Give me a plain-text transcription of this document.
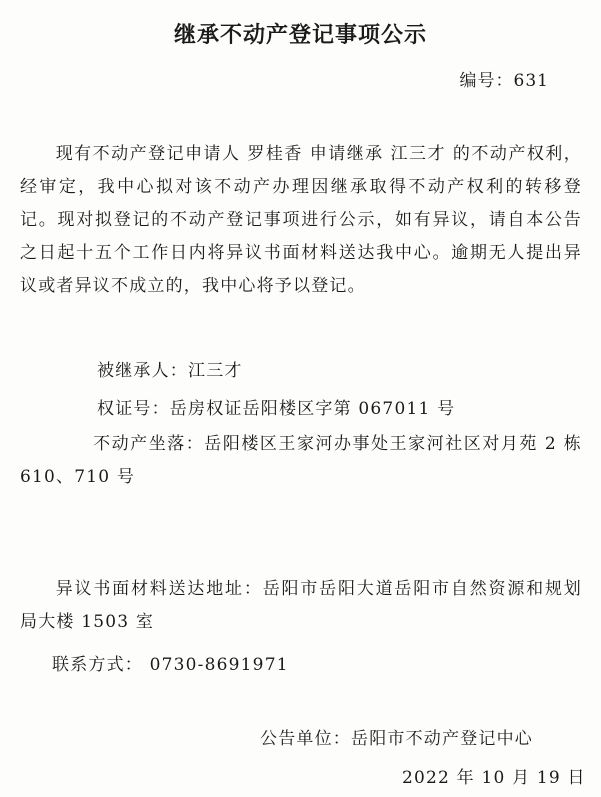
继承不动产登记事项公示
编号：631
现有不动产登记申请人 罗桂香 申请继承 江三才 的不动产权利，经审定，我中心拟对该不动产办理因继承取得不动产权利的转移登记。现对拟登记的不动产登记事项进行公示，如有异议，请自本公告之日起十五个工作日内将异议书面材料送达我中心。逾期无人提出异议或者异议不成立的，我中心将予以登记。
被继承人：江三才
权证号：岳房权证岳阳楼区字第 067011 号
不动产坐落：岳阳楼区王家河办事处王家河社区对月苑 2 栋 610、710 号
异议书面材料送达地址：岳阳市岳阳大道岳阳市自然资源和规划局大楼 1503 室
联系方式： 0730-8691971
公告单位：岳阳市不动产登记中心
2022 年 10 月 19 日
